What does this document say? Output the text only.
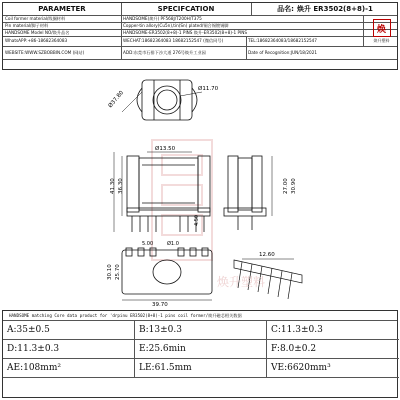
PARAMETER	SPECIFCATION	品名: 焕升 ER3502(8+8)-1
Coil former material/线圈材料	HANDSOME(焕升) PF568J/T200H/T375
Pin material/脚子材料	Copper-tin allory(Cu5n),tin(Sn) plated/铜合锡镀锡脚
HANDSOME Model NO/焕升品名	HANDSOME-ER3502(8+8)-1 PINS 焕升-ER3502(8+8)-1 PINS
WhatsAPP:+86-18682364083	WECHAT:18682364083 18682152547 (微信同号)	TEL:18682364083/18682152547
WEBSITE:WWW.SZBOBBIN.COM (网站)	ADD:东莞市石排下沙大道 276号焕升工业园	Date of Recognition:JUN/18/2021
焕
焕升塑料
Ø37.80
Ø11.70
Ø13.50
41.30 36.30
4.50
Ø1.0
5.00
27.00 30.90
30.10 25.70
39.70
12.60
焕升塑料
HANDSOME matching Core data product for 'drpinu ER3502(8+8)-1 pins coil former/焕升磁芯相关数据
A:35±0.5	B:13±0.3	C:11.3±0.3
D:11.3±0.3	E:25.6min	F:8.0±0.2
AE:108mm²	LE:61.5mm	VE:6620mm³
